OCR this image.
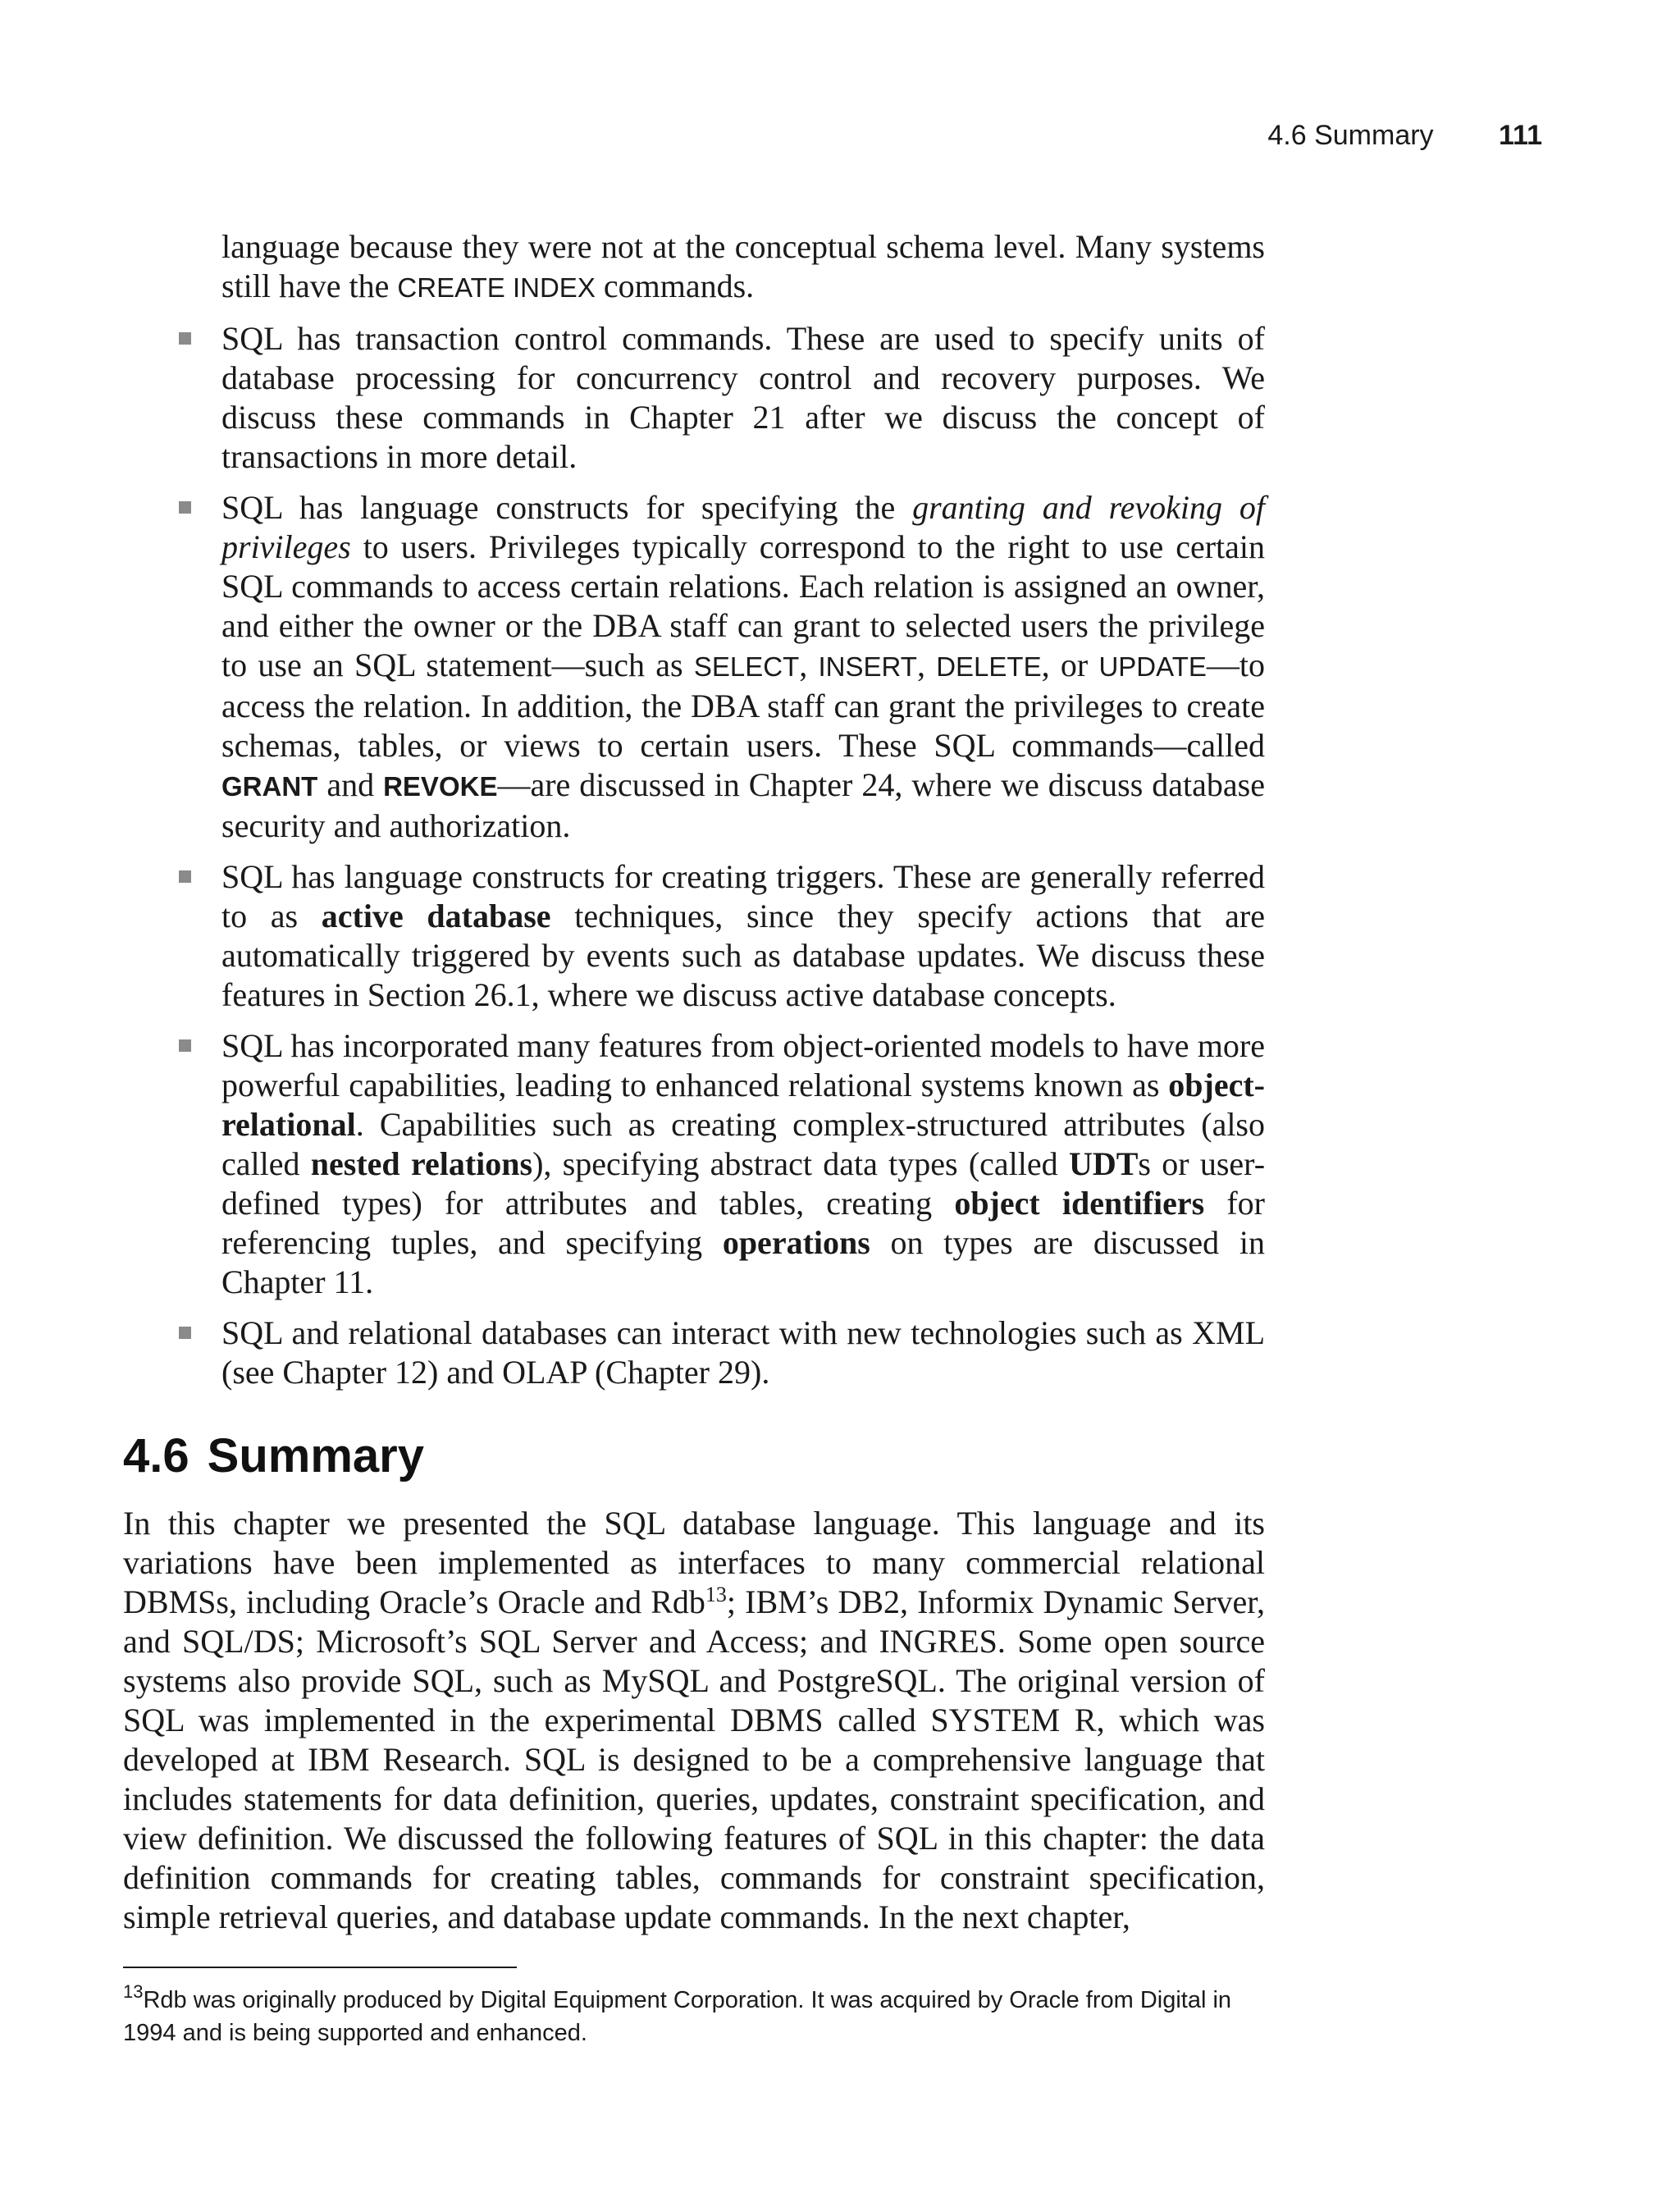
4.6 Summary 111

language because they were not at the conceptual schema level. Many systems still have the CREATE INDEX commands.

SQL has transaction control commands. These are used to specify units of database processing for concurrency control and recovery purposes. We discuss these commands in Chapter 21 after we discuss the concept of transactions in more detail.
SQL has language constructs for specifying the granting and revoking of privileges to users. Privileges typically correspond to the right to use certain SQL commands to access certain relations. Each relation is assigned an owner, and either the owner or the DBA staff can grant to selected users the privilege to use an SQL statement—such as SELECT, INSERT, DELETE, or UPDATE—to access the relation. In addition, the DBA staff can grant the privileges to create schemas, tables, or views to certain users. These SQL commands—called GRANT and REVOKE—are discussed in Chapter 24, where we discuss database security and authorization.
SQL has language constructs for creating triggers. These are generally referred to as active database techniques, since they specify actions that are automatically triggered by events such as database updates. We discuss these features in Section 26.1, where we discuss active database concepts.
SQL has incorporated many features from object-oriented models to have more powerful capabilities, leading to enhanced relational systems known as object-relational. Capabilities such as creating complex-structured attributes (also called nested relations), specifying abstract data types (called UDTs or user-defined types) for attributes and tables, creating object identifiers for referencing tuples, and specifying operations on types are discussed in Chapter 11.
SQL and relational databases can interact with new technologies such as XML (see Chapter 12) and OLAP (Chapter 29).
4.6 Summary

In this chapter we presented the SQL database language. This language and its variations have been implemented as interfaces to many commercial relational DBMSs, including Oracle’s Oracle and Rdb$^{13}$; IBM’s DB2, Informix Dynamic Server, and SQL/DS; Microsoft’s SQL Server and Access; and INGRES. Some open source systems also provide SQL, such as MySQL and PostgreSQL. The original version of SQL was implemented in the experimental DBMS called SYSTEM R, which was developed at IBM Research. SQL is designed to be a comprehensive language that includes statements for data definition, queries, updates, constraint specification, and view definition. We discussed the following features of SQL in this chapter: the data definition commands for creating tables, commands for constraint specification, simple retrieval queries, and database update commands. In the next chapter,

$^{13}$Rdb was originally produced by Digital Equipment Corporation. It was acquired by Oracle from Digital in 1994 and is being supported and enhanced.
